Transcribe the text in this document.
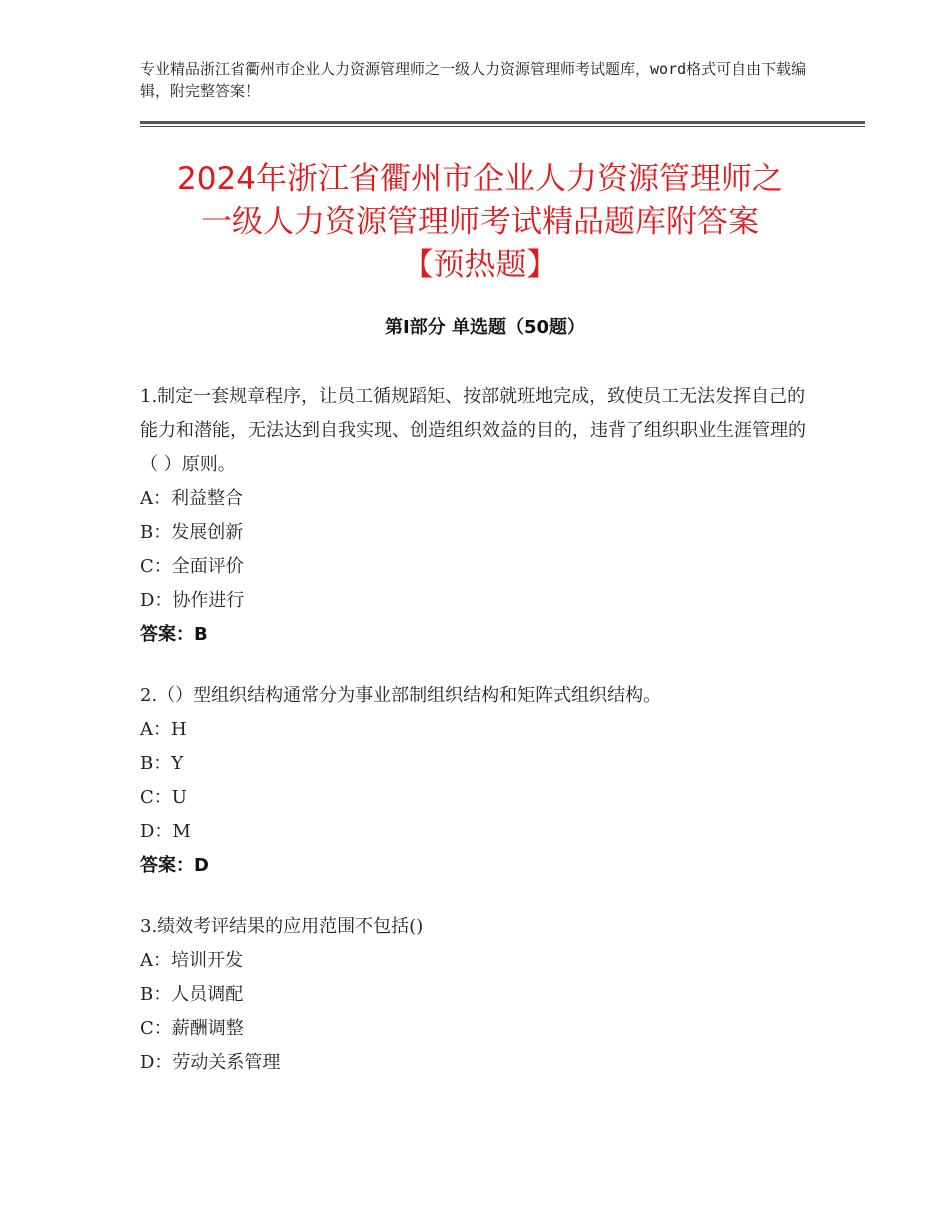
专业精品浙江省衢州市企业人力资源管理师之一级人力资源管理师考试题库，word格式可自由下载编辑，附完整答案！
2024年浙江省衢州市企业人力资源管理师之
一级人力资源管理师考试精品题库附答案
【预热题】
第Ⅰ部分 单选题（50题）
1.制定一套规章程序，让员工循规蹈矩、按部就班地完成，致使员工无法发挥自己的能力和潜能，无法达到自我实现、创造组织效益的目的，违背了组织职业生涯管理的（ ）原则。
A：利益整合
B：发展创新
C：全面评价
D：协作进行
答案：B
2.（）型组织结构通常分为事业部制组织结构和矩阵式组织结构。
A：H
B：Y
C：U
D：M
答案：D
3.绩效考评结果的应用范围不包括()
A：培训开发
B：人员调配
C：薪酬调整
D：劳动关系管理
